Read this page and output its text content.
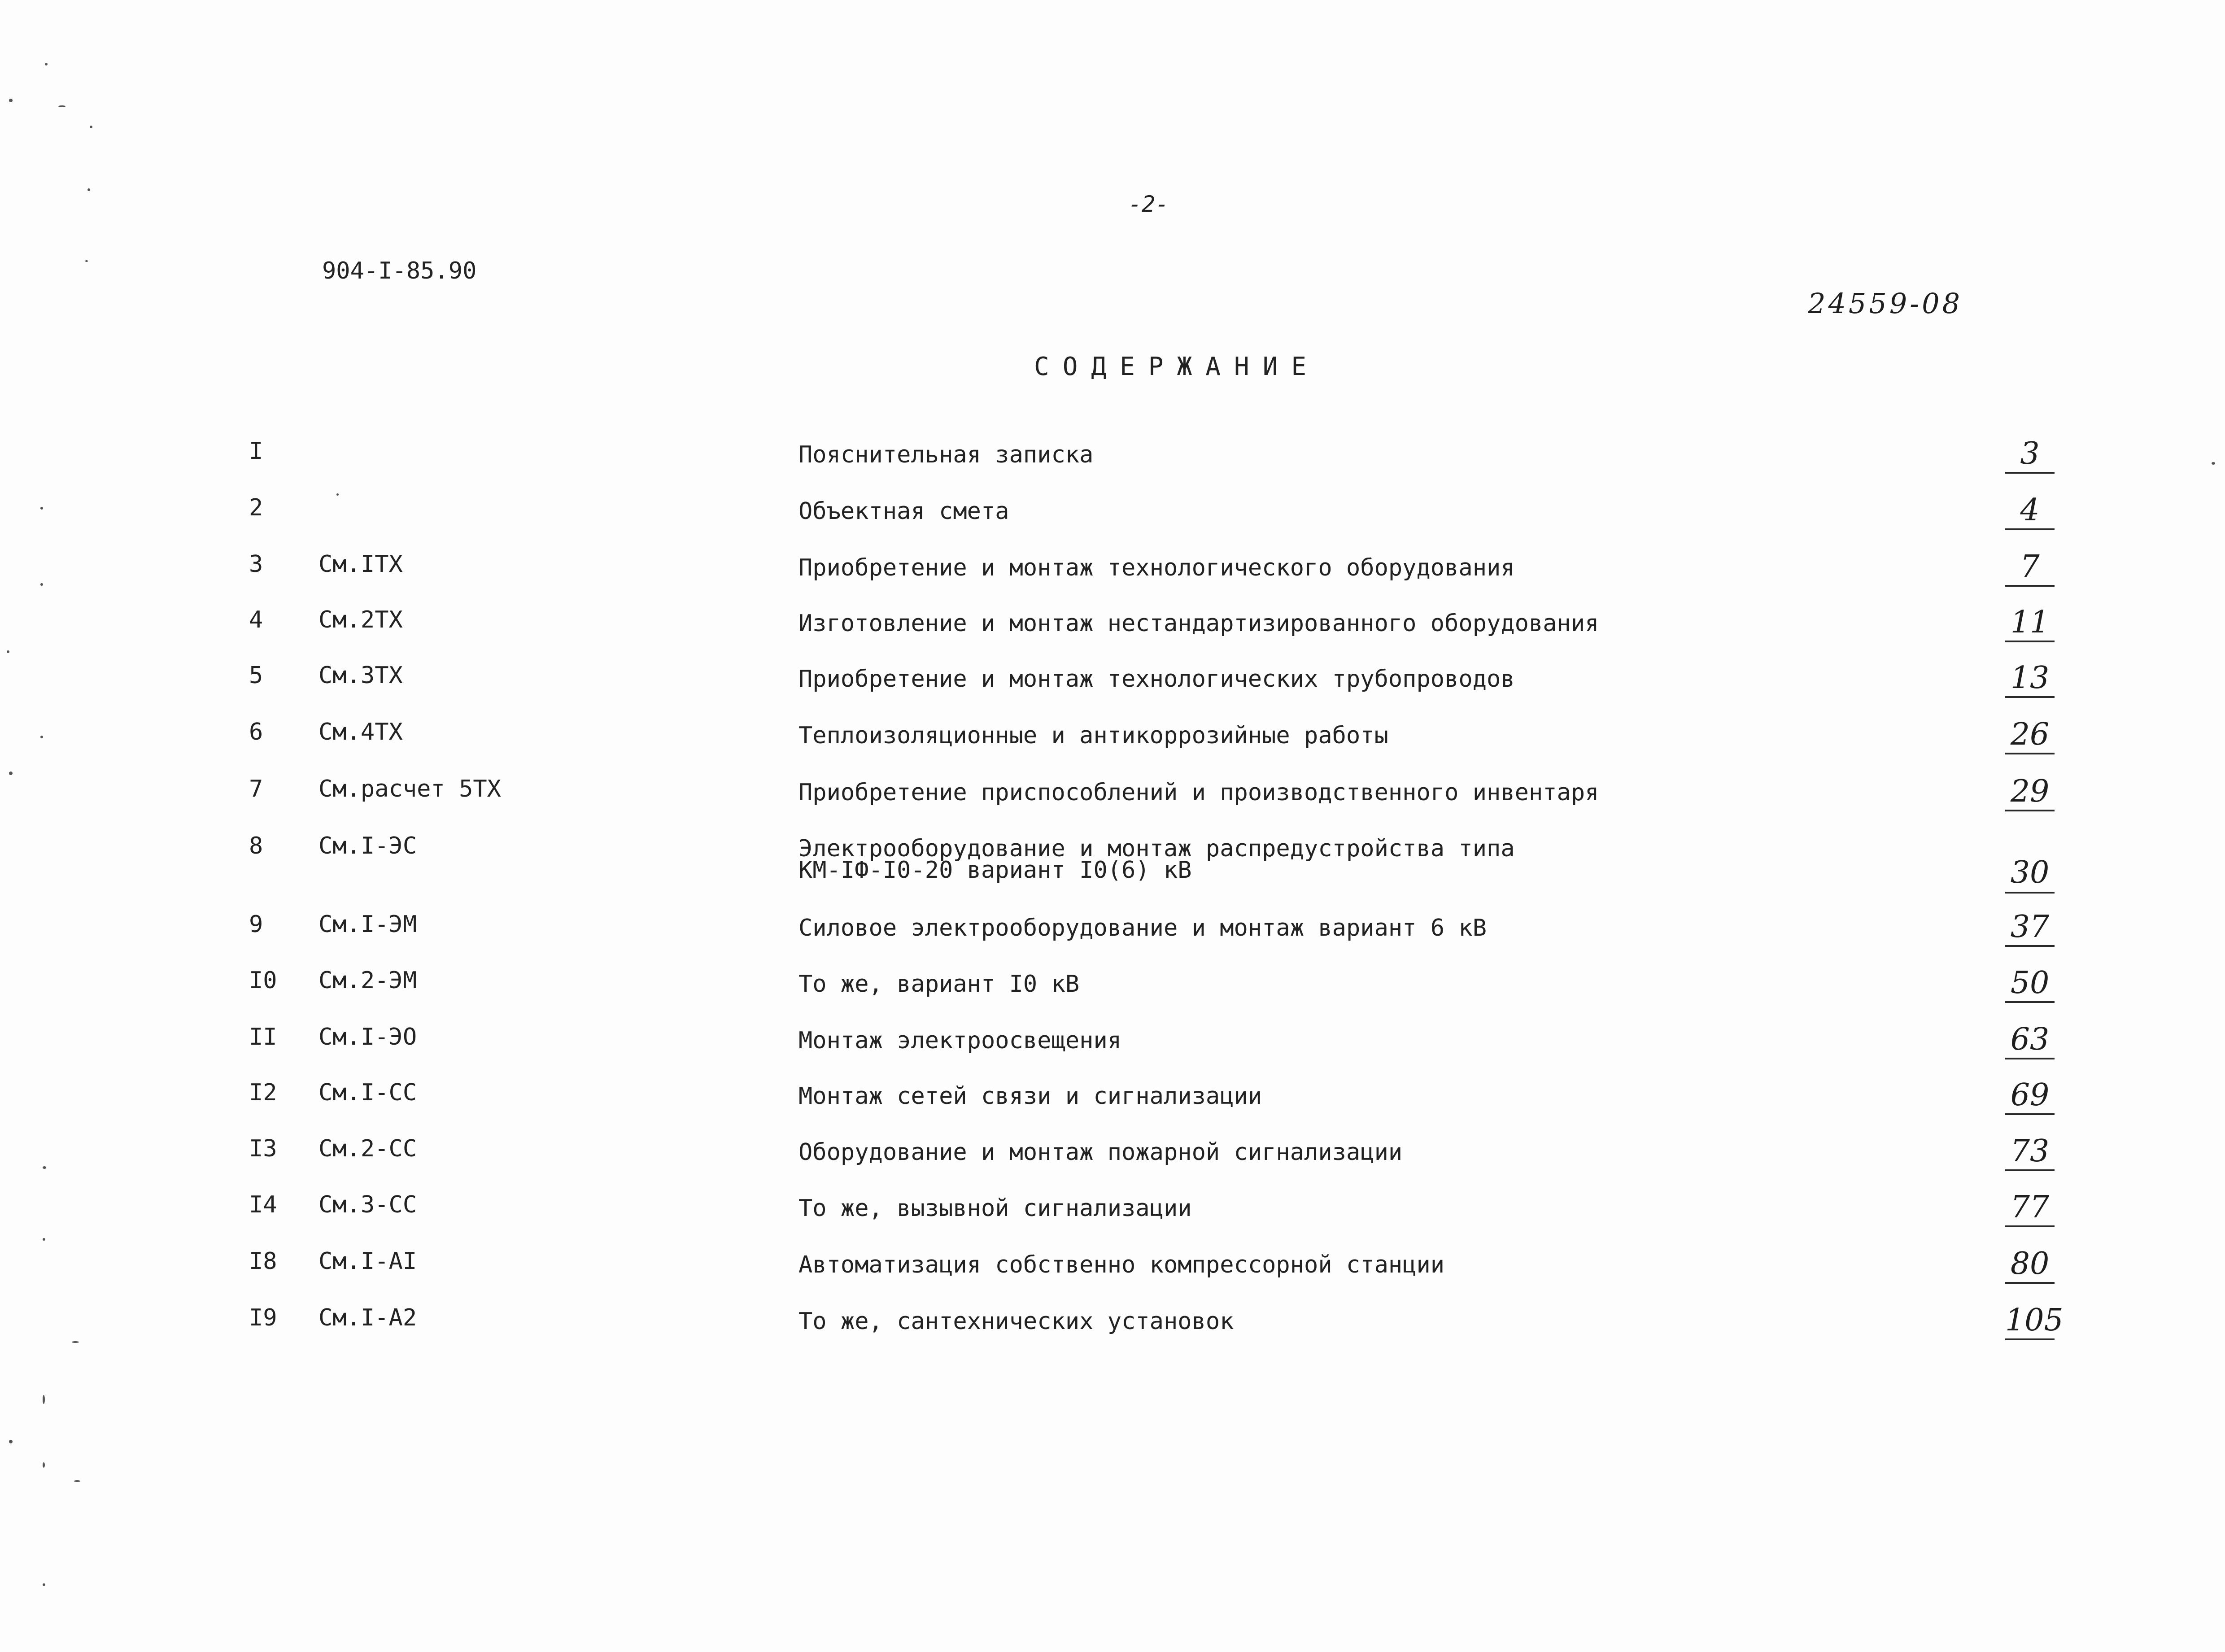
-2-
904-I-85.90
24559-08
СОДЕРЖАНИЕ
I	Пояснительная записка	3
2	Объектная смета	4
3 См.IТХ	Приобретение и монтаж технологического оборудования	7
4 См.2ТХ	Изготовление и монтаж нестандартизированного оборудования	11
5 См.3ТХ	Приобретение и монтаж технологических трубопроводов	13
6 См.4ТХ	Теплоизоляционные и антикоррозийные работы	26
7 См.расчет 5ТХ	Приобретение приспособлений и производственного инвентаря	29
8 См.I-ЭС	Электрооборудование и монтаж распредустройства типа
КМ-IФ-I0-20 вариант I0(6) кВ	30
9 См.I-ЭМ	Силовое электрооборудование и монтаж вариант 6 кВ	37
I0 См.2-ЭМ	То же, вариант I0 кВ	50
II См.I-ЭО	Монтаж электроосвещения	63
I2 См.I-СС	Монтаж сетей связи и сигнализации	69
I3 См.2-СС	Оборудование и монтаж пожарной сигнализации	73
I4 См.3-СС	То же, вызывной сигнализации	77
I8 См.I-АI	Автоматизация собственно компрессорной станции	80
I9 См.I-А2	То же, сантехнических установок	105
